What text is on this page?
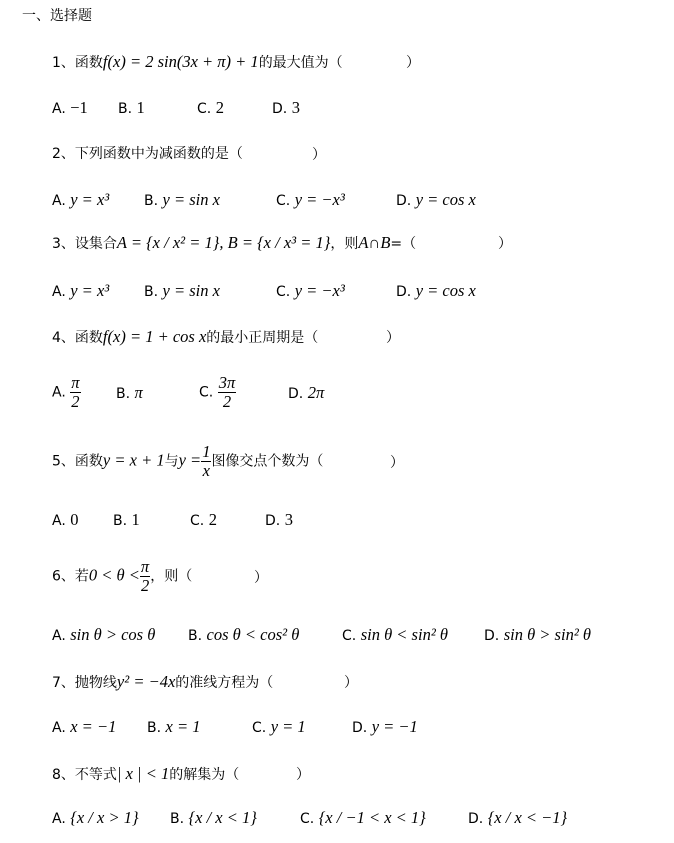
一、选择题
1、函数f(x) = 2 sin(3x + π) + 1的最大值为（	）
A. −1 B. 1	C. 2	D. 3
2、下列函数中为减函数的是（	）
A. y = x³ B. y = sin x	C. y = −x³	D. y = cos x
3、设集合A = {x / x² = 1}, B = {x / x³ = 1}，则A∩B=（	）
A. y = x³ B. y = sin x	C. y = −x³	D. y = cos x
4、函数f(x) = 1 + cos x的最小正周期是（	）
A. $\frac{\pi}{2}$	B. π	C. $\frac{3\pi}{2}$	D. 2π
5、函数y = x + 1与$y = \frac{1}{x}$ 图像交点个数为（	）
A. 0 B. 1	C. 2	D. 3
6、若$0 < \theta < \frac{\pi}{2}$ ，则（	）
A. sin θ > cos θ B. cos θ < cos² θ	C. sin θ < sin² θ	D. sin θ > sin² θ
7、抛物线y² = −4x的准线方程为（	）
A. x = −1 B. x = 1	C. y = 1	D. y = −1
8、不等式| x | < 1的解集为（	）
A. {x / x > 1} B. {x / x < 1}	C. {x / −1 < x < 1}	D. {x / x < −1}
